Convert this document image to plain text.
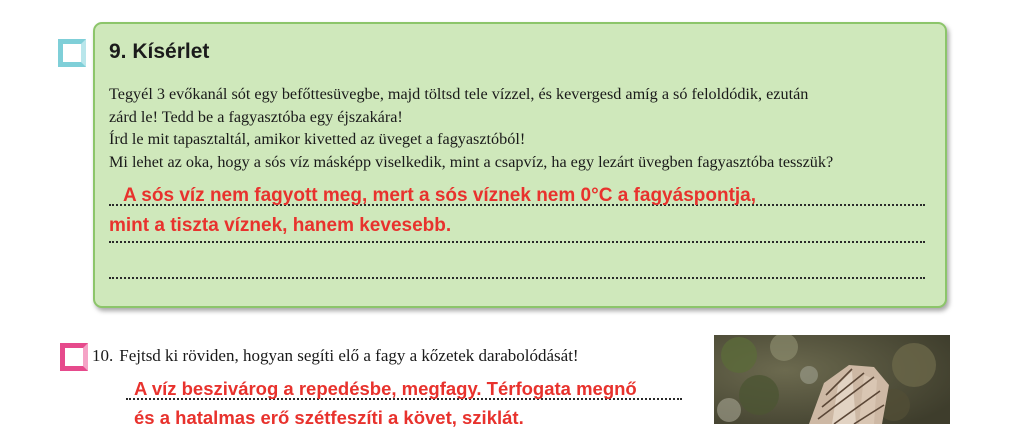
9. Kísérlet
Tegyél 3 evőkanál sót egy befőttesüvegbe, majd töltsd tele vízzel, és kevergesd amíg a só feloldódik, ezután
zárd le! Tedd be a fagyasztóba egy éjszakára!
Írd le mit tapasztaltál, amikor kivetted az üveget a fagyasztóból!
Mi lehet az oka, hogy a sós víz másképp viselkedik, mint a csapvíz, ha egy lezárt üvegben fagyasztóba tesszük?
A sós víz nem fagyott meg, mert a sós víznek nem 0°C a fagyáspontja,
mint a tiszta víznek, hanem kevesebb.
10. Fejtsd ki röviden, hogyan segíti elő a fagy a kőzetek darabolódását!
A víz beszivárog a repedésbe, megfagy. Térfogata megnő
és a hatalmas erő szétfeszíti a követ, sziklát.
